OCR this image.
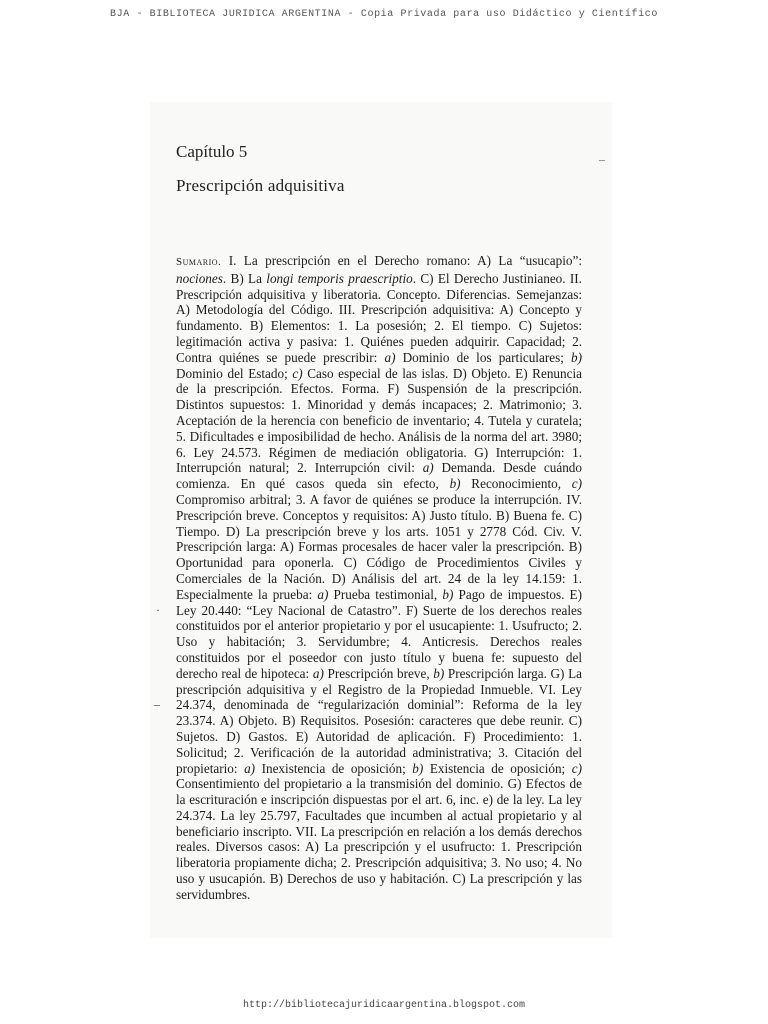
BJA - BIBLIOTECA JURIDICA ARGENTINA - Copia Privada para uso Didáctico y Científico
Capítulo 5
Prescripción adquisitiva
Sumario. I. La prescripción en el Derecho romano: A) La “usucapio”: nociones. B) La longi temporis praescriptio. C) El Derecho Justinianeo. II. Prescripción adquisitiva y liberatoria. Concepto. Diferencias. Semejanzas: A) Metodología del Código. III. Prescripción adquisitiva: A) Concepto y fundamento. B) Elementos: 1. La posesión; 2. El tiempo. C) Sujetos: legitimación activa y pasiva: 1. Quiénes pueden adquirir. Capacidad; 2. Contra quiénes se puede prescribir: a) Dominio de los particulares; b) Dominio del Estado; c) Caso especial de las islas. D) Objeto. E) Renuncia de la prescripción. Efectos. Forma. F) Suspensión de la prescripción. Distintos supuestos: 1. Minoridad y demás incapaces; 2. Matrimonio; 3. Aceptación de la herencia con beneficio de inventario; 4. Tutela y curatela; 5. Dificultades e imposibilidad de hecho. Análisis de la norma del art. 3980; 6. Ley 24.573. Régimen de mediación obligatoria. G) Interrupción: 1. Interrupción natural; 2. Interrupción civil: a) Demanda. Desde cuándo comienza. En qué casos queda sin efecto, b) Reconocimiento, c) Compromiso arbitral; 3. A favor de quiénes se produce la interrupción. IV. Prescripción breve. Conceptos y requisitos: A) Justo título. B) Buena fe. C) Tiempo. D) La prescripción breve y los arts. 1051 y 2778 Cód. Civ. V. Prescripción larga: A) Formas procesales de hacer valer la prescripción. B) Oportunidad para oponerla. C) Código de Procedimientos Civiles y Comerciales de la Nación. D) Análisis del art. 24 de la ley 14.159: 1. Especialmente la prueba: a) Prueba testimonial, b) Pago de impuestos. E) Ley 20.440: “Ley Nacional de Catastro”. F) Suerte de los derechos reales constituidos por el anterior propietario y por el usucapiente: 1. Usufructo; 2. Uso y habitación; 3. Servidumbre; 4. Anticresis. Derechos reales constituidos por el poseedor con justo título y buena fe: supuesto del derecho real de hipoteca: a) Prescripción breve, b) Prescripción larga. G) La prescripción adquisitiva y el Registro de la Propiedad Inmueble. VI. Ley 24.374, denominada de “regularización dominial”: Reforma de la ley 23.374. A) Objeto. B) Requisitos. Posesión: caracteres que debe reunir. C) Sujetos. D) Gastos. E) Autoridad de aplicación. F) Procedimiento: 1. Solicitud; 2. Verificación de la autoridad administrativa; 3. Citación del propietario: a) Inexistencia de oposición; b) Existencia de oposición; c) Consentimiento del propietario a la transmisión del dominio. G) Efectos de la escrituración e inscripción dispuestas por el art. 6, inc. e) de la ley. La ley 24.374. La ley 25.797, Facultades que incumben al actual propietario y al beneficiario inscripto. VII. La prescripción en relación a los demás derechos reales. Diversos casos: A) La prescripción y el usufructo: 1. Prescripción liberatoria propiamente dicha; 2. Prescripción adquisitiva; 3. No uso; 4. No uso y usucapión. B) Derechos de uso y habitación. C) La prescripción y las servidumbres.
·
–
http://bibliotecajuridicaargentina.blogspot.com
